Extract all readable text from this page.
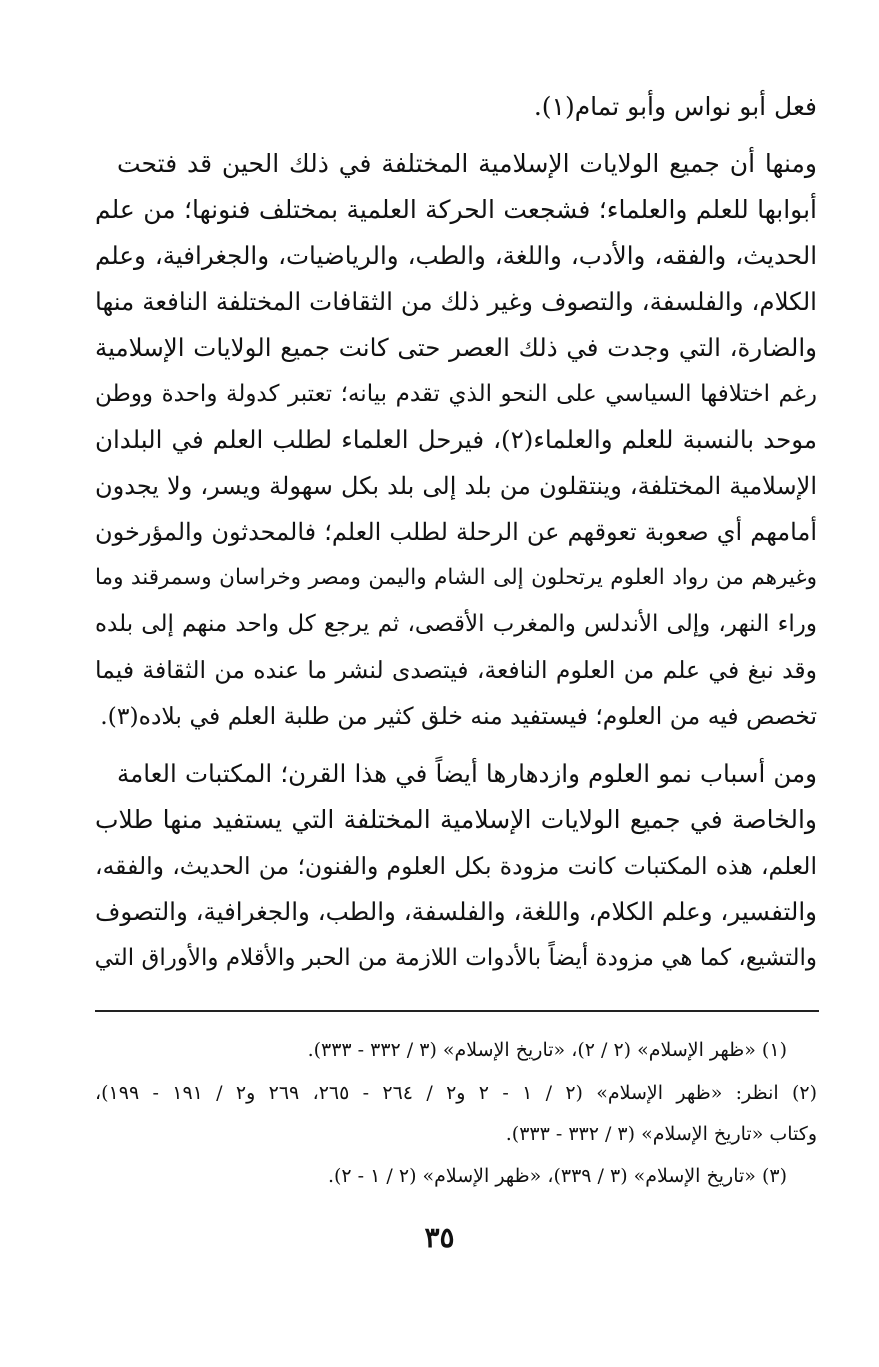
فعل أبو نواس وأبو تمام(١).
ومنها أن جميع الولايات الإسلامية المختلفة في ذلك الحين قد فتحت
أبوابها للعلم والعلماء؛ فشجعت الحركة العلمية بمختلف فنونها؛ من علم
الحديث، والفقه، والأدب، واللغة، والطب، والرياضيات، والجغرافية، وعلم
الكلام، والفلسفة، والتصوف وغير ذلك من الثقافات المختلفة النافعة منها
والضارة، التي وجدت في ذلك العصر حتى كانت جميع الولايات الإسلامية
رغم اختلافها السياسي على النحو الذي تقدم بيانه؛ تعتبر كدولة واحدة ووطن
موحد بالنسبة للعلم والعلماء(٢)، فيرحل العلماء لطلب العلم في البلدان
الإسلامية المختلفة، وينتقلون من بلد إلى بلد بكل سهولة ويسر، ولا يجدون
أمامهم أي صعوبة تعوقهم عن الرحلة لطلب العلم؛ فالمحدثون والمؤرخون
وغيرهم من رواد العلوم يرتحلون إلى الشام واليمن ومصر وخراسان وسمرقند وما
وراء النهر، وإلى الأندلس والمغرب الأقصى، ثم يرجع كل واحد منهم إلى بلده
وقد نبغ في علم من العلوم النافعة، فيتصدى لنشر ما عنده من الثقافة فيما
تخصص فيه من العلوم؛ فيستفيد منه خلق كثير من طلبة العلم في بلاده(٣).
ومن أسباب نمو العلوم وازدهارها أيضاً في هذا القرن؛ المكتبات العامة
والخاصة في جميع الولايات الإسلامية المختلفة التي يستفيد منها طلاب
العلم، هذه المكتبات كانت مزودة بكل العلوم والفنون؛ من الحديث، والفقه،
والتفسير، وعلم الكلام، واللغة، والفلسفة، والطب، والجغرافية، والتصوف
والتشيع، كما هي مزودة أيضاً بالأدوات اللازمة من الحبر والأقلام والأوراق التي
(١) «ظهر الإسلام» (٢ / ٢)، «تاريخ الإسلام» (٣ / ٣٣٢ - ٣٣٣).
(٢) انظر: «ظهر الإسلام» (٢ / ١ - ٢ و٢ / ٢٦٤ - ٢٦٥، ٢٦٩ و٢ / ١٩١ - ١٩٩)،
وكتاب «تاريخ الإسلام» (٣ / ٣٣٢ - ٣٣٣).
(٣) «تاريخ الإسلام» (٣ / ٣٣٩)، «ظهر الإسلام» (٢ / ١ - ٢).
٣٥
